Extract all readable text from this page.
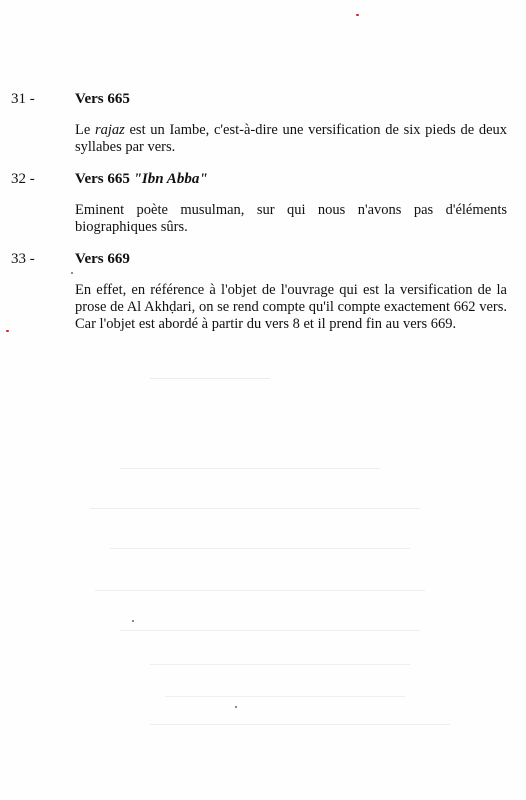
31 -	Vers 665
Le rajaz est un Iambe, c'est-à-dire une versification de six pieds de deux syllabes par vers.
32 -	Vers 665 "Ibn Abba"
Eminent poète musulman, sur qui nous n'avons pas d'éléments biographiques sûrs.
33 -	Vers 669
En effet, en référence à l'objet de l'ouvrage qui est la versification de la prose de Al Akhḍari, on se rend compte qu'il compte exactement 662 vers. Car l'objet est abordé à partir du vers 8 et il prend fin au vers 669.
